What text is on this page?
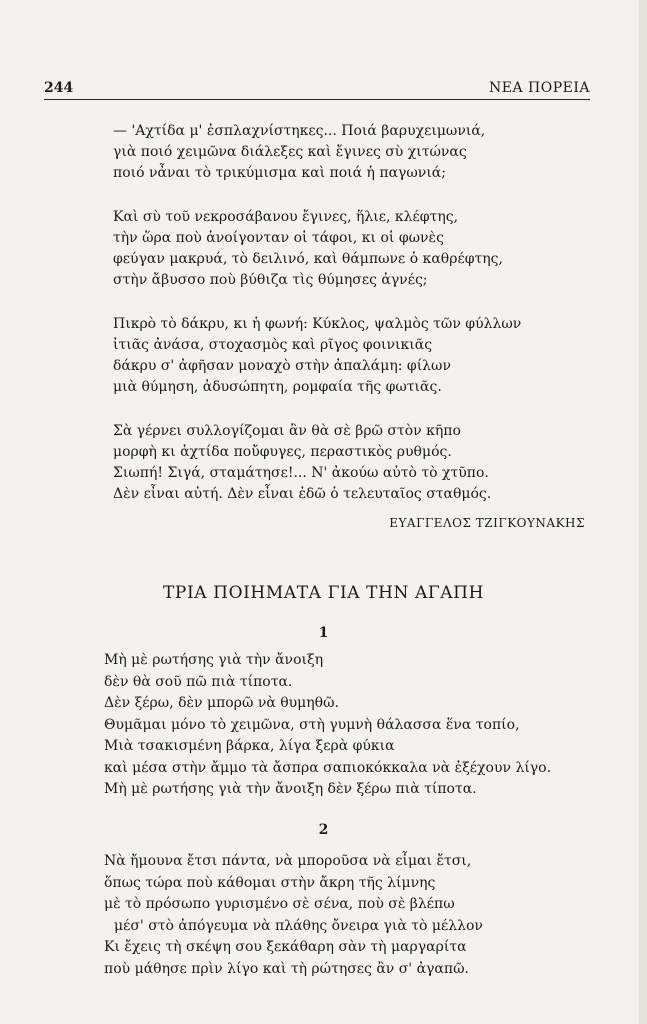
244	ΝΕΑ ΠΟΡΕΙΑ
— 'Αχτίδα μ' ἐσπλαχνίστηκες... Ποιά βαρυχειμωνιά,
γιὰ ποιό χειμῶνα διάλεξες καὶ ἔγινες σὺ χιτώνας
ποιό νἆναι τὸ τρικύμισμα καὶ ποιά ἡ παγωνιά;
Καὶ σὺ τοῦ νεκροσάβανου ἔγινες, ἥλιε, κλέφτης,
τὴν ὥρα ποὺ ἀνοίγονταν οἱ τάφοι, κι οἱ φωνὲς
φεύγαν μακρυά, τὸ δειλινό, καὶ θάμπωνε ὁ καθρέφτης,
στὴν ἄβυσσο ποὺ βύθιζα τὶς θύμησες ἀγνές;
Πικρὸ τὸ δάκρυ, κι ἡ φωνή: Κύκλος, ψαλμὸς τῶν φύλλων
ἰτιᾶς ἀνάσα, στοχασμὸς καὶ ρῖγος φοινικιᾶς
δάκρυ σ' ἀφῆσαν μοναχὸ στὴν ἀπαλάμη: φίλων
μιὰ θύμηση, ἀδυσώπητη, ρομφαία τῆς φωτιᾶς.
Σὰ γέρνει συλλογίζομαι ἂν θὰ σὲ βρῶ στὸν κῆπο
μορφὴ κι ἀχτίδα ποὔφυγες, περαστικὸς ρυθμός.
Σιωπή! Σιγά, σταμάτησε!... Ν' ἀκούω αὐτὸ τὸ χτῦπο.
Δὲν εἶναι αὐτή. Δὲν εἶναι ἐδῶ ὁ τελευταῖος σταθμός.
ΕΥΑΓΓΕΛΟΣ ΤΖΙΓΚΟΥΝΑΚΗΣ
ΤΡΙΑ ΠΟΙΗΜΑΤΑ ΓΙΑ ΤΗΝ ΑΓΑΠΗ
1
Μὴ μὲ ρωτήσης γιὰ τὴν ἄνοιξη
δὲν θὰ σοῦ πῶ πιὰ τίποτα.
Δὲν ξέρω, δὲν μπορῶ νὰ θυμηθῶ.
Θυμᾶμαι μόνο τὸ χειμῶνα, στὴ γυμνὴ θάλασσα ἕνα τοπίο,
Μιὰ τσακισμένη βάρκα, λίγα ξερὰ φύκια
καὶ μέσα στὴν ἄμμο τὰ ἄσπρα σαπιοκόκκαλα νὰ ἐξέχουν λίγο.
Μὴ μὲ ρωτήσης γιὰ τὴν ἄνοιξη δὲν ξέρω πιὰ τίποτα.
2
Νὰ ἤμουνα ἔτσι πάντα, νὰ μποροῦσα νὰ εἶμαι ἔτσι,
ὅπως τώρα ποὺ κάθομαι στὴν ἄκρη τῆς λίμνης
μὲ τὸ πρόσωπο γυρισμένο σὲ σένα, ποὺ σὲ βλέπω
μέσ' στὸ ἀπόγευμα νὰ πλάθης ὄνειρα γιὰ τὸ μέλλον
Κι ἔχεις τὴ σκέψη σου ξεκάθαρη σὰν τὴ μαργαρίτα
ποὺ μάθησε πρὶν λίγο καὶ τὴ ρώτησες ἂν σ' ἀγαπῶ.
